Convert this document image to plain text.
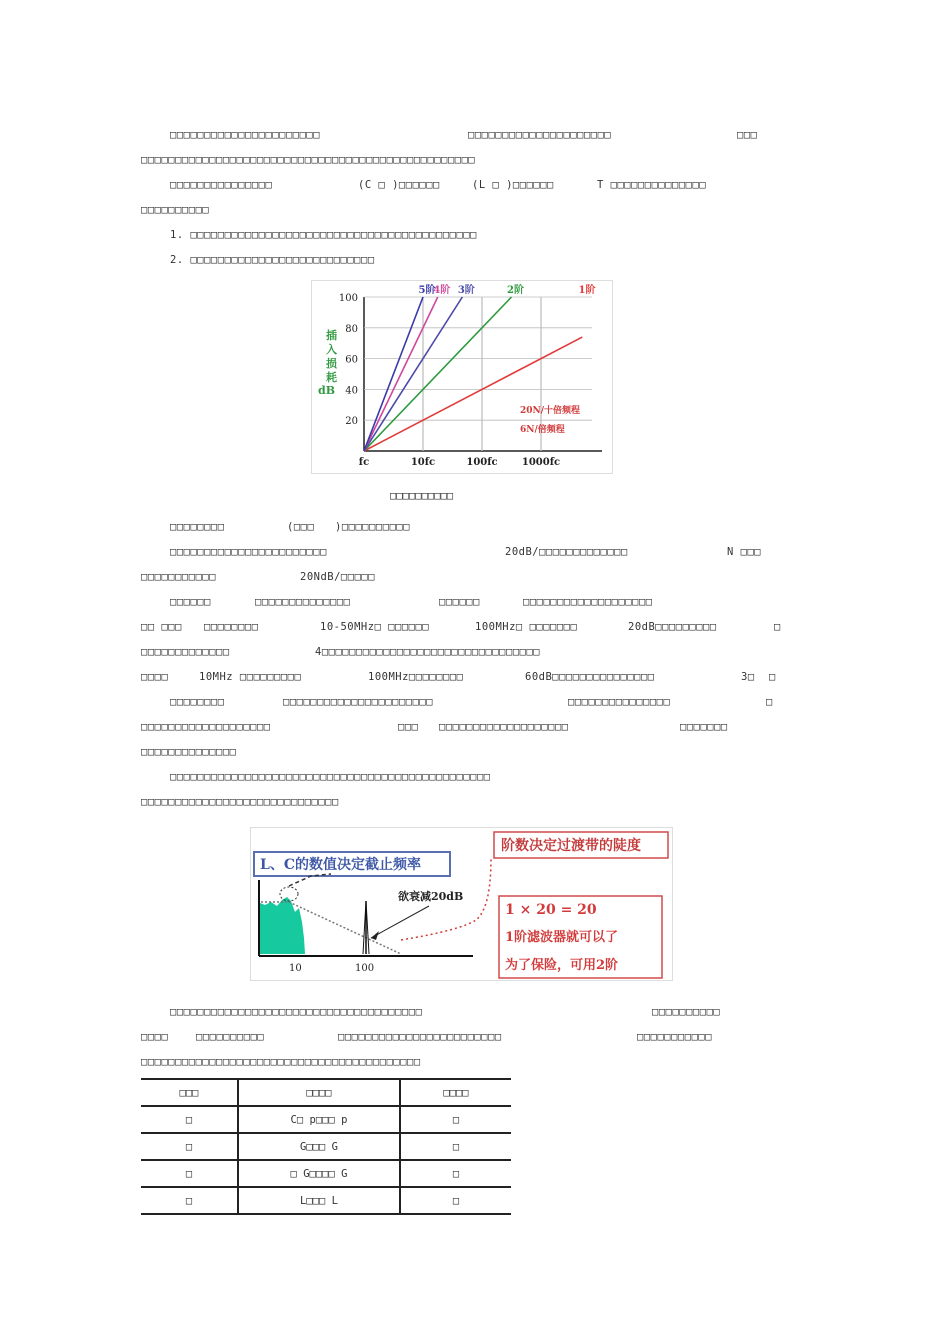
□□□□□□□□□□□□□□□□□□□□□□	□□□□□□□□□□□□□□□□□□□□□	□□□
□□□□□□□□□□□□□□□□□□□□□□□□□□□□□□□□□□□□□□□□□□□□□□□□□
□□□□□□□□□□□□□□□	(C □ )□□□□□□	(L □ )□□□□□□	T □□□□□□□□□□□□□□
□□□□□□□□□□
1. □□□□□□□□□□□□□□□□□□□□□□□□□□□□□□□□□□□□□□□□□□
2. □□□□□□□□□□□□□□□□□□□□□□□□□□□
20
40
60
80
100
fc	10fc	100fc 1000fc
1阶
2阶
3阶
4阶
5阶
插
入
损
耗
dB
20N/十倍频程
6N/倍频程
□□□□□□□□□□
□□□□□□□□	(□□□ )□□□□□□□□□□
□□□□□□□□□□□□□□□□□□□□□□□	20dB/□□□□□□□□□□□□□	N □□□
□□□□□□□□□□□	20NdB/□□□□□
□□□□□□	□□□□□□□□□□□□□□	□□□□□□	□□□□□□□□□□□□□□□□□□□
□□ □□□ □□□□□□□□	10-50MHz□ □□□□□□	100MHz□ □□□□□□□	20dB□□□□□□□□□	□
□□□□□□□□□□□□□	4□□□□□□□□□□□□□□□□□□□□□□□□□□□□□□□□
□□□□	10MHz □□□□□□□□□	100MHz□□□□□□□□	60dB□□□□□□□□□□□□□□□	3□ □
□□□□□□□□	□□□□□□□□□□□□□□□□□□□□□□	□□□□□□□□□□□□□□□	□
□□□□□□□□□□□□□□□□□□□	□□□ □□□□□□□□□□□□□□□□□□□	□□□□□□□
□□□□□□□□□□□□□□
□□□□□□□□□□□□□□□□□□□□□□□□□□□□□□□□□□□□□□□□□□□□□□□
□□□□□□□□□□□□□□□□□□□□□□□□□□□□□
L、C的数值决定截止频率
阶数决定过渡带的陡度
欲衰减20dB
1 × 20 = 20
1阶滤波器就可以了
为了保险，可用2阶
10	100
□□□□□□□□□□□□□□□□□□□□□□□□□□□□□□□□□□□□□	□□□□□□□□□□
□□□□	□□□□□□□□□□	□□□□□□□□□□□□□□□□□□□□□□□□	□□□□□□□□□□□
□□□□□□□□□□□□□□□□□□□□□□□□□□□□□□□□□□□□□□□□□
□□□	□□□□	□□□□
□	C□ p□□□ p	□
□	G□□□ G	□
□	□ G□□□□ G	□
□	L□□□ L	□
